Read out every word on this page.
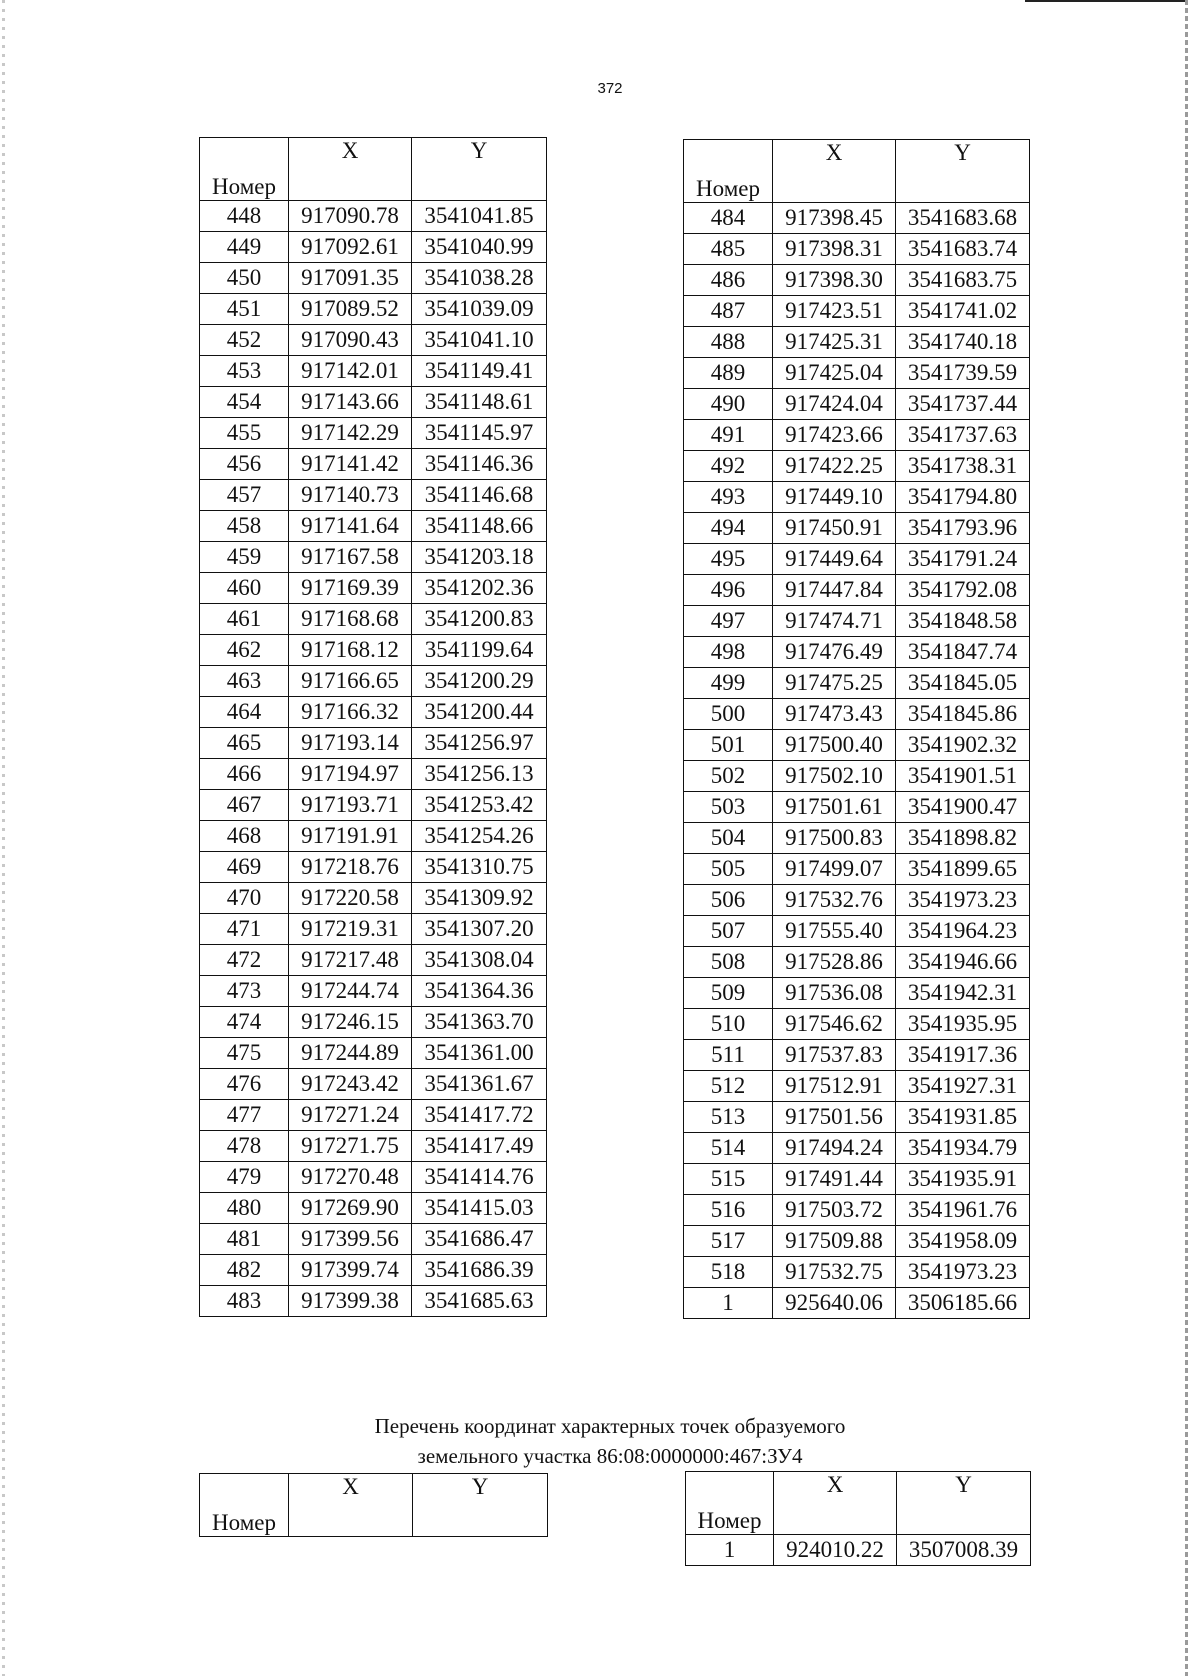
372
Номер	X	Y
448	917090.78	3541041.85
449	917092.61	3541040.99
450	917091.35	3541038.28
451	917089.52	3541039.09
452	917090.43	3541041.10
453	917142.01	3541149.41
454	917143.66	3541148.61
455	917142.29	3541145.97
456	917141.42	3541146.36
457	917140.73	3541146.68
458	917141.64	3541148.66
459	917167.58	3541203.18
460	917169.39	3541202.36
461	917168.68	3541200.83
462	917168.12	3541199.64
463	917166.65	3541200.29
464	917166.32	3541200.44
465	917193.14	3541256.97
466	917194.97	3541256.13
467	917193.71	3541253.42
468	917191.91	3541254.26
469	917218.76	3541310.75
470	917220.58	3541309.92
471	917219.31	3541307.20
472	917217.48	3541308.04
473	917244.74	3541364.36
474	917246.15	3541363.70
475	917244.89	3541361.00
476	917243.42	3541361.67
477	917271.24	3541417.72
478	917271.75	3541417.49
479	917270.48	3541414.76
480	917269.90	3541415.03
481	917399.56	3541686.47
482	917399.74	3541686.39
483	917399.38	3541685.63
Номер	X	Y
484	917398.45	3541683.68
485	917398.31	3541683.74
486	917398.30	3541683.75
487	917423.51	3541741.02
488	917425.31	3541740.18
489	917425.04	3541739.59
490	917424.04	3541737.44
491	917423.66	3541737.63
492	917422.25	3541738.31
493	917449.10	3541794.80
494	917450.91	3541793.96
495	917449.64	3541791.24
496	917447.84	3541792.08
497	917474.71	3541848.58
498	917476.49	3541847.74
499	917475.25	3541845.05
500	917473.43	3541845.86
501	917500.40	3541902.32
502	917502.10	3541901.51
503	917501.61	3541900.47
504	917500.83	3541898.82
505	917499.07	3541899.65
506	917532.76	3541973.23
507	917555.40	3541964.23
508	917528.86	3541946.66
509	917536.08	3541942.31
510	917546.62	3541935.95
511	917537.83	3541917.36
512	917512.91	3541927.31
513	917501.56	3541931.85
514	917494.24	3541934.79
515	917491.44	3541935.91
516	917503.72	3541961.76
517	917509.88	3541958.09
518	917532.75	3541973.23
1	925640.06	3506185.66
Перечень координат характерных точек образуемого
земельного участка 86:08:0000000:467:ЗУ4
Номер	X	Y
Номер	X	Y
1	924010.22	3507008.39
